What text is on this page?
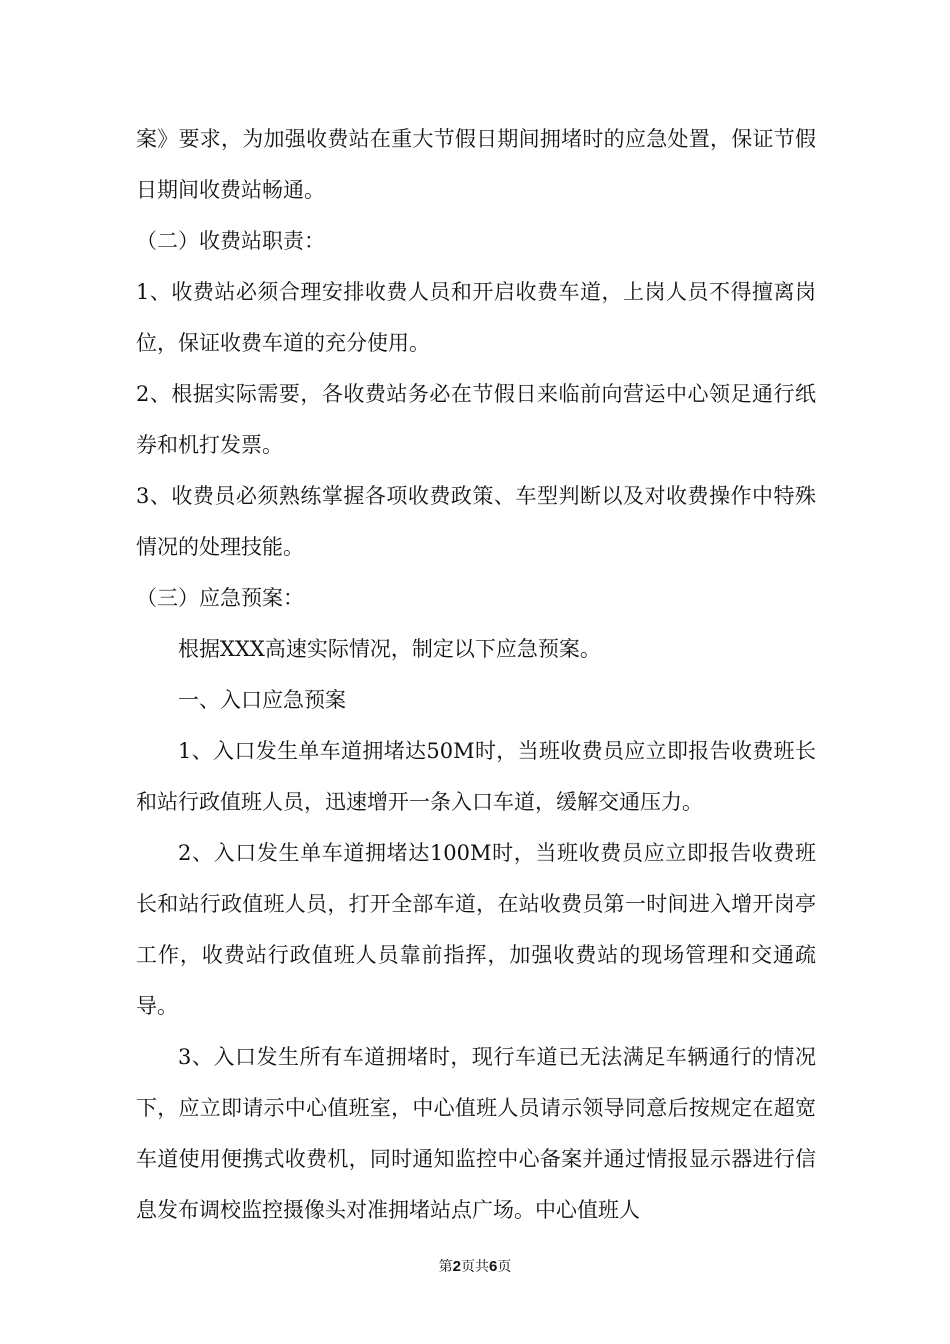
案》要求，为加强收费站在重大节假日期间拥堵时的应急处置，保证节假日期间收费站畅通。

（二）收费站职责：

1、收费站必须合理安排收费人员和开启收费车道，上岗人员不得擅离岗位，保证收费车道的充分使用。

2、根据实际需要，各收费站务必在节假日来临前向营运中心领足通行纸券和机打发票。

3、收费员必须熟练掌握各项收费政策、车型判断以及对收费操作中特殊情况的处理技能。

（三）应急预案：

根据XXX高速实际情况，制定以下应急预案。

一、入口应急预案

1、入口发生单车道拥堵达50M时，当班收费员应立即报告收费班长和站行政值班人员，迅速增开一条入口车道，缓解交通压力。

2、入口发生单车道拥堵达100M时，当班收费员应立即报告收费班长和站行政值班人员，打开全部车道，在站收费员第一时间进入增开岗亭工作，收费站行政值班人员靠前指挥，加强收费站的现场管理和交通疏导。

3、入口发生所有车道拥堵时，现行车道已无法满足车辆通行的情况下，应立即请示中心值班室，中心值班人员请示领导同意后按规定在超宽车道使用便携式收费机，同时通知监控中心备案并通过情报显示器进行信息发布调校监控摄像头对准拥堵站点广场。中心值班人

第2页共6页
